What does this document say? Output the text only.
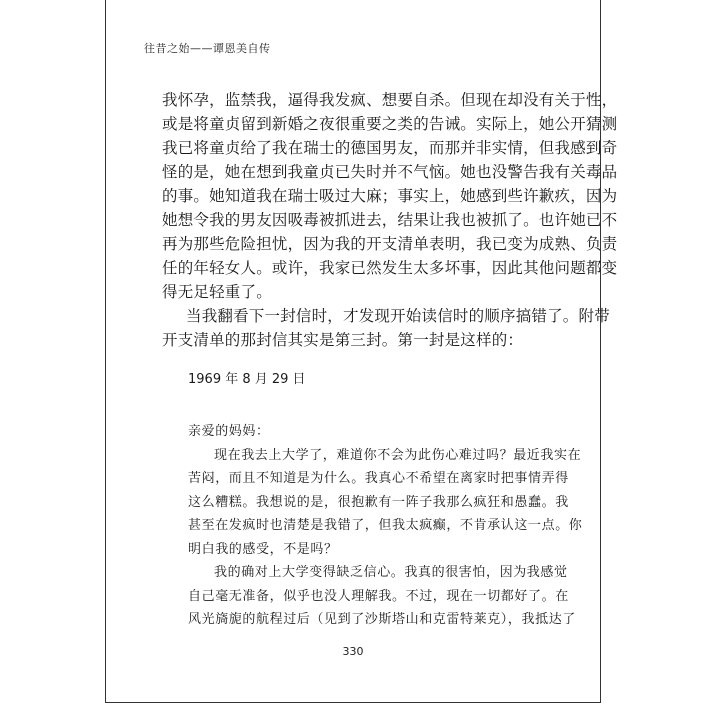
往昔之始——谭恩美自传
我怀孕，监禁我，逼得我发疯、想要自杀。但现在却没有关于性，
或是将童贞留到新婚之夜很重要之类的告诫。实际上，她公开猜测
我已将童贞给了我在瑞士的德国男友，而那并非实情，但我感到奇
怪的是，她在想到我童贞已失时并不气恼。她也没警告我有关毒品
的事。她知道我在瑞士吸过大麻；事实上，她感到些许歉疚，因为
她想令我的男友因吸毒被抓进去，结果让我也被抓了。也许她已不
再为那些危险担忧，因为我的开支清单表明，我已变为成熟、负责
任的年轻女人。或许，我家已然发生太多坏事，因此其他问题都变
得无足轻重了。
当我翻看下一封信时，才发现开始读信时的顺序搞错了。附带
开支清单的那封信其实是第三封。第一封是这样的：
1969 年 8 月 29 日
亲爱的妈妈：
现在我去上大学了，难道你不会为此伤心难过吗？最近我实在
苦闷，而且不知道是为什么。我真心不希望在离家时把事情弄得
这么糟糕。我想说的是，很抱歉有一阵子我那么疯狂和愚蠢。我
甚至在发疯时也清楚是我错了，但我太疯癫，不肯承认这一点。你
明白我的感受，不是吗？
我的确对上大学变得缺乏信心。我真的很害怕，因为我感觉
自己毫无准备，似乎也没人理解我。不过，现在一切都好了。在
风光旖旎的航程过后（见到了沙斯塔山和克雷特莱克），我抵达了
330
